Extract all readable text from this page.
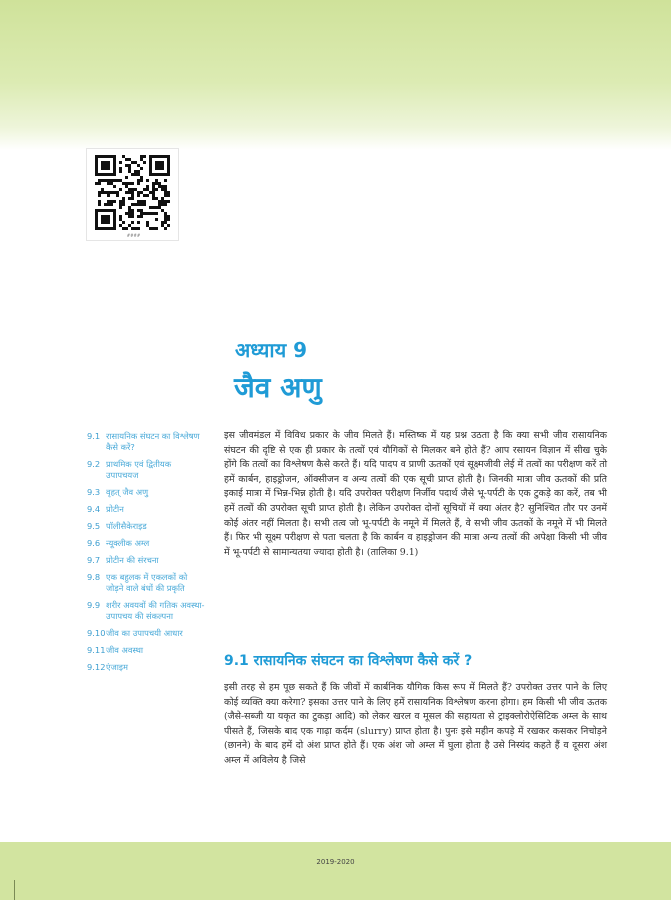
####
अध्याय 9
जैव अणु
9.1 रासायनिक संघटन का विश्लेषण कैसे करें?
9.2 प्राथमिक एवं द्वितीयक उपापचयज
9.3 वृहत् जैव अणु
9.4 प्रोटीन
9.5 पॉलीसैकेराइड
9.6 न्यूक्लीक अम्ल
9.7 प्रोटीन की संरचना
9.8 एक बहुलक में एकलकों को जोड़ने वाले बंधों की प्रकृति
9.9 शरीर अवयवों की गतिक अवस्था- उपापचय की संकल्पना
9.10 जीव का उपापचयी आधार
9.11 जीव अवस्था
9.12 एंजाइम

इस जीवमंडल में विविध प्रकार के जीव मिलते हैं। मस्तिष्क में यह प्रश्न उठता है कि क्या सभी जीव रासायनिक संघटन की दृष्टि से एक ही प्रकार के तत्वों एवं यौगिकों से मिलकर बने होते हैं? आप रसायन विज्ञान में सीख चुके होंगे कि तत्वों का विश्लेषण कैसे करते हैं। यदि पादप व प्राणी ऊतकों एवं सूक्ष्मजीवी लेई में तत्वों का परीक्षण करें तो हमें कार्बन, हाइड्रोजन, ऑक्सीजन व अन्य तत्वों की एक सूची प्राप्त होती है। जिनकी मात्रा जीव ऊतकों की प्रति इकाई मात्रा में भिन्न-भिन्न होती है। यदि उपरोक्त परीक्षण निर्जीव पदार्थ जैसे भू-पर्पटी के एक टुकड़े का करें, तब भी हमें तत्वों की उपरोक्त सूची प्राप्त होती है। लेकिन उपरोक्त दोनों सूचियों में क्या अंतर है? सुनिश्चित तौर पर उनमें कोई अंतर नहीं मिलता है। सभी तत्व जो भू-पर्पटी के नमूने में मिलते हैं, वे सभी जीव ऊतकों के नमूने में भी मिलते हैं। फिर भी सूक्ष्म परीक्षण से पता चलता है कि कार्बन व हाइड्रोजन की मात्रा अन्य तत्वों की अपेक्षा किसी भी जीव में भू-पर्पटी से सामान्यतया ज्यादा होती है। (तालिका 9.1)

9.1 रासायनिक संघटन का विश्लेषण कैसे करें ?

इसी तरह से हम पूछ सकते हैं कि जीवों में कार्बनिक यौगिक किस रूप में मिलते हैं? उपरोक्त उत्तर पाने के लिए कोई व्यक्ति क्या करेगा? इसका उत्तर पाने के लिए हमें रासायनिक विश्लेषण करना होगा। हम किसी भी जीव ऊतक (जैसे-सब्जी या यकृत का टुकड़ा आदि) को लेकर खरल व मूसल की सहायता से ट्राइक्लोरोऐसिटिक अम्ल के साथ पीसते हैं, जिसके बाद एक गाढ़ा कर्दम (slurry) प्राप्त होता है। पुनः इसे महीन कपड़े में रखकर कसकर निचोड़ने (छानने) के बाद हमें दो अंश प्राप्त होते हैं। एक अंश जो अम्ल में घुला होता है उसे निस्यंद कहते हैं व दूसरा अंश अम्ल में अविलेय है जिसे

2019-2020
